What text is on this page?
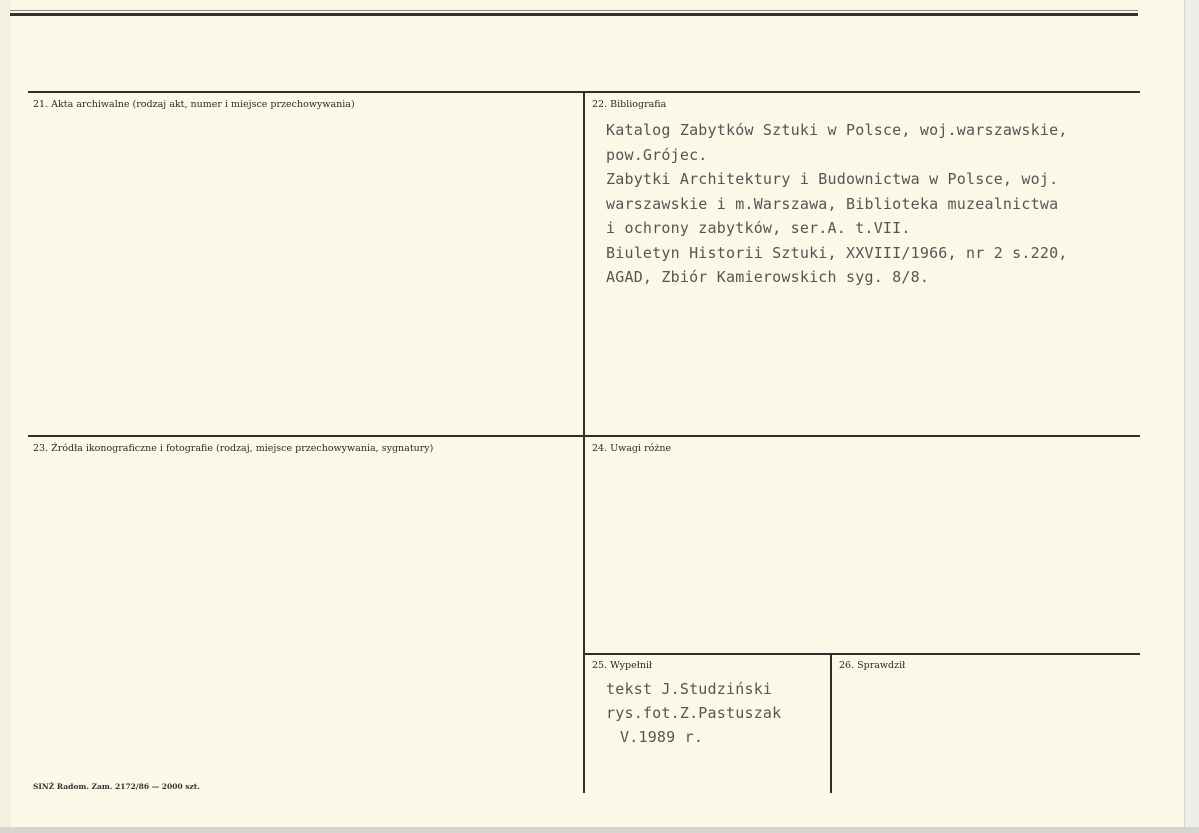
21. Akta archiwalne (rodzaj akt, numer i miejsce przechowywania)	22. Bibliografia
Katalog Zabytków Sztuki w Polsce, woj.warszawskie,
pow.Grójec.
Zabytki Architektury i Budownictwa w Polsce, woj.
warszawskie i m.Warszawa, Biblioteka muzealnictwa
i ochrony zabytków, ser.A. t.VII.
Biuletyn Historii Sztuki, XXVIII/1966, nr 2 s.220,
AGAD, Zbiór Kamierowskich syg. 8/8.
23. Źródła ikonograficzne i fotografie (rodzaj, miejsce przechowywania, sygnatury)	24. Uwagi różne
25. Wypełnił
tekst J.Studziński
rys.fot.Z.Pastuszak
V.1989 r.
26. Sprawdził
SINŻ Radom. Zam. 2172/86 — 2000 szt.
